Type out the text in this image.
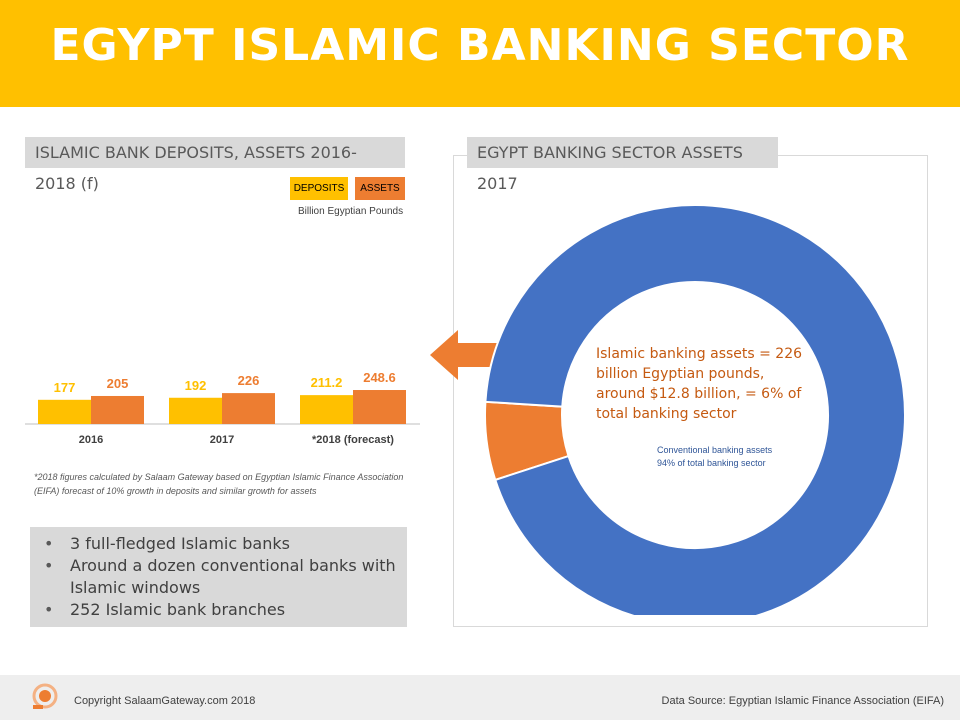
EGYPT ISLAMIC BANKING SECTOR
ISLAMIC BANK DEPOSITS, ASSETS 2016-2018 (f)
EGYPT BANKING SECTOR ASSETS 2017
DEPOSITS	ASSETS
Billion Egyptian Pounds
177 205
2016
192 226
2017
211.2 248.6
*2018 (forecast)
*2018 figures calculated by Salaam Gateway based on Egyptian Islamic Finance Association (EIFA) forecast of 10% growth in deposits and similar growth for assets
• 3 full-fledged Islamic banks
• Around a dozen conventional banks with Islamic windows
• 252 Islamic bank branches
Islamic banking assets = 226 billion Egyptian pounds, around $12.8 billion, = 6% of total banking sector
Conventional banking assets
94% of total banking sector
Copyright SalaamGateway.com 2018	Data Source: Egyptian Islamic Finance Association (EIFA)
